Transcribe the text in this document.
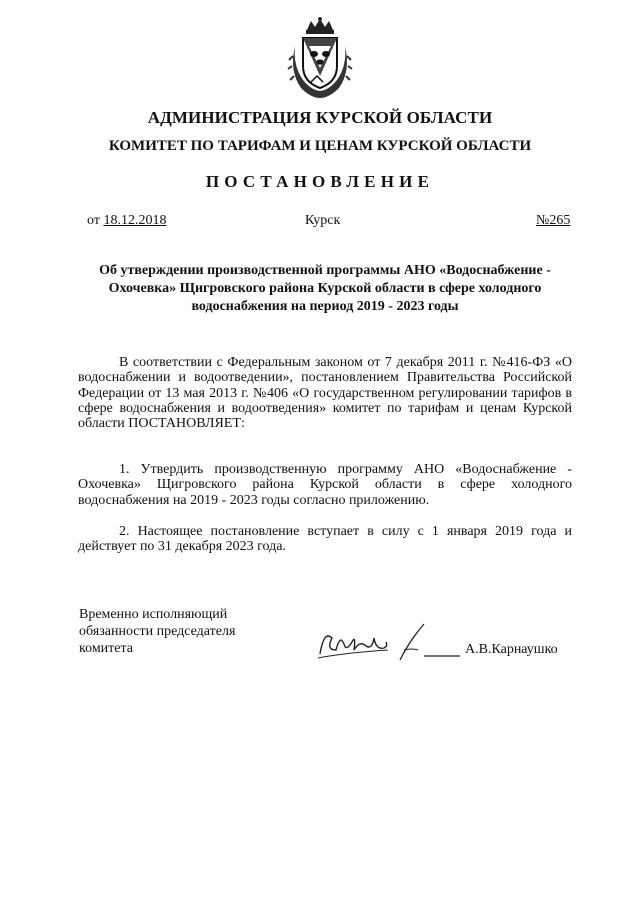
АДМИНИСТРАЦИЯ КУРСКОЙ ОБЛАСТИ
КОМИТЕТ ПО ТАРИФАМ И ЦЕНАМ КУРСКОЙ ОБЛАСТИ
ПОСТАНОВЛЕНИЕ
от 18.12.2018	Курск	№265
Об утверждении производственной программы АНО «Водоснабжение - Охочевка» Щигровского района Курской области в сфере холодного водоснабжения на период 2019 - 2023 годы
В соответствии с Федеральным законом от 7 декабря 2011 г. №416-ФЗ «О водоснабжении и водоотведении», постановлением Правительства Российской Федерации от 13 мая 2013 г. №406 «О государственном регулировании тарифов в сфере водоснабжения и водоотведения» комитет по тарифам и ценам Курской области ПОСТАНОВЛЯЕТ:
1. Утвердить производственную программу АНО «Водоснабжение - Охочевка» Щигровского района Курской области в сфере холодного водоснабжения на 2019 - 2023 годы согласно приложению.
2. Настоящее постановление вступает в силу с 1 января 2019 года и действует по 31 декабря 2023 года.
Временно исполняющий
обязанности председателя
комитета	А.В.Карнаушко
